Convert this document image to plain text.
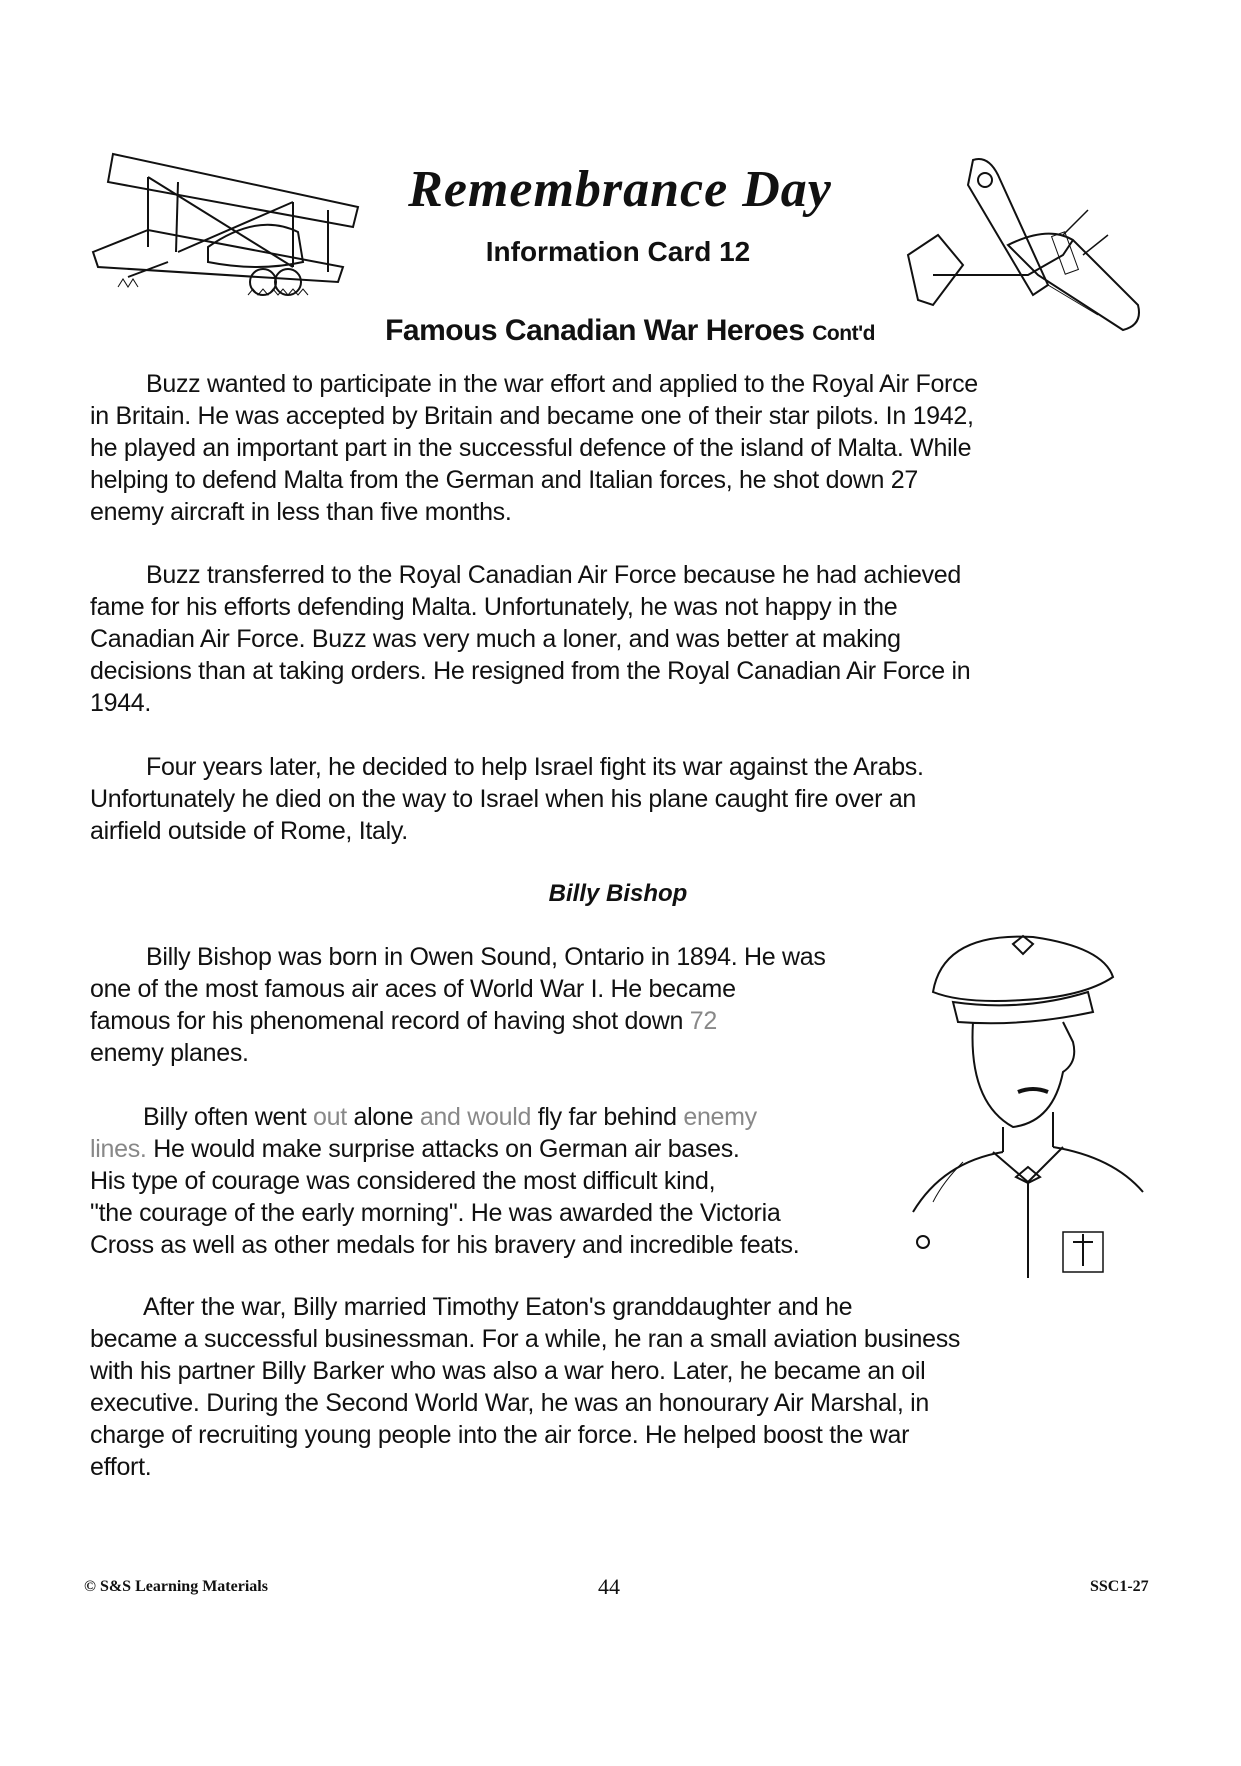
Remembrance Day
Information Card 12
Famous Canadian War Heroes Cont'd
Buzz wanted to participate in the war effort and applied to the Royal Air Force
in Britain. He was accepted by Britain and became one of their star pilots. In 1942,
he played an important part in the successful defence of the island of Malta. While
helping to defend Malta from the German and Italian forces, he shot down 27
enemy aircraft in less than five months.
Buzz transferred to the Royal Canadian Air Force because he had achieved
fame for his efforts defending Malta. Unfortunately, he was not happy in the
Canadian Air Force. Buzz was very much a loner, and was better at making
decisions than at taking orders. He resigned from the Royal Canadian Air Force in
1944.
Four years later, he decided to help Israel fight its war against the Arabs.
Unfortunately he died on the way to Israel when his plane caught fire over an
airfield outside of Rome, Italy.
Billy Bishop
Billy Bishop was born in Owen Sound, Ontario in 1894. He was
one of the most famous air aces of World War I. He became
famous for his phenomenal record of having shot down 72
enemy planes.
Billy often went out alone and would fly far behind enemy
lines. He would make surprise attacks on German air bases.
His type of courage was considered the most difficult kind,
"the courage of the early morning". He was awarded the Victoria
Cross as well as other medals for his bravery and incredible feats.
After the war, Billy married Timothy Eaton's granddaughter and he
became a successful businessman. For a while, he ran a small aviation business
with his partner Billy Barker who was also a war hero. Later, he became an oil
executive. During the Second World War, he was an honourary Air Marshal, in
charge of recruiting young people into the air force. He helped boost the war
effort.
© S&S Learning Materials	44	SSC1-27
